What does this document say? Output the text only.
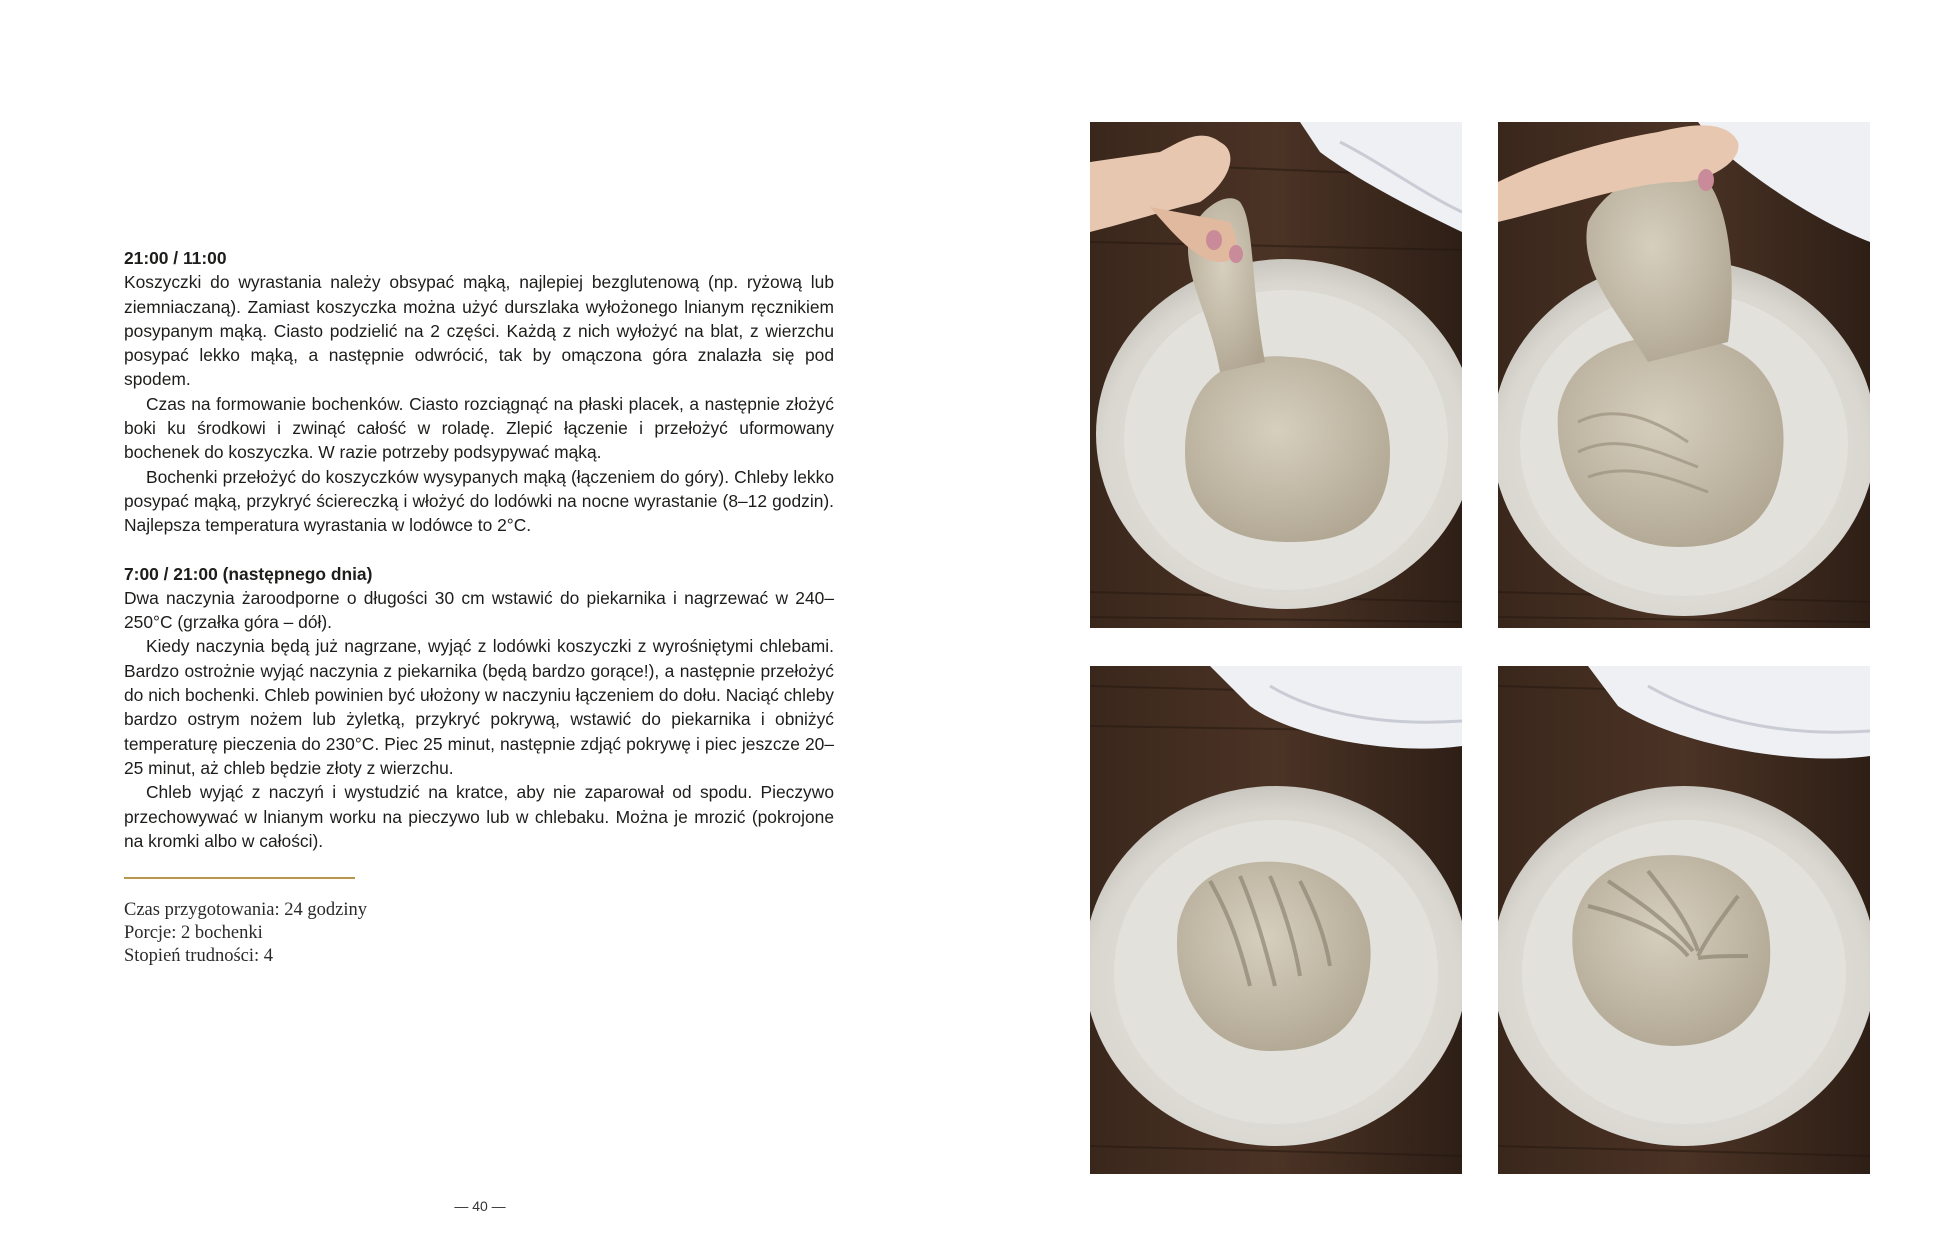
21:00 / 11:00

Koszyczki do wyrastania należy obsypać mąką, najlepiej bezglutenową (np. ryżową lub ziemniaczaną). Zamiast koszyczka można użyć durszlaka wyłożonego lnianym ręcznikiem posypanym mąką. Ciasto podzielić na 2 części. Każdą z nich wyłożyć na blat, z wierzchu posypać lekko mąką, a następnie odwrócić, tak by omączona góra znalazła się pod spodem.

Czas na formowanie bochenków. Ciasto rozciągnąć na płaski placek, a następnie złożyć boki ku środkowi i zwinąć całość w roladę. Zlepić łączenie i przełożyć uformowany bochenek do koszyczka. W razie potrzeby podsypywać mąką.

Bochenki przełożyć do koszyczków wysypanych mąką (łączeniem do góry). Chleby lekko posypać mąką, przykryć ściereczką i włożyć do lodówki na nocne wyrastanie (8–12 godzin). Najlepsza temperatura wyrastania w lodówce to 2°C.

7:00 / 21:00 (następnego dnia)

Dwa naczynia żaroodporne o długości 30 cm wstawić do piekarnika i nagrzewać w 240–250°C (grzałka góra – dół).

Kiedy naczynia będą już nagrzane, wyjąć z lodówki koszyczki z wyrośniętymi chlebami. Bardzo ostrożnie wyjąć naczynia z piekarnika (będą bardzo gorące!), a następnie przełożyć do nich bochenki. Chleb powinien być ułożony w naczyniu łączeniem do dołu. Naciąć chleby bardzo ostrym nożem lub żyletką, przykryć pokrywą, wstawić do piekarnika i obniżyć temperaturę pieczenia do 230°C. Piec 25 minut, następnie zdjąć pokrywę i piec jeszcze 20–25 minut, aż chleb będzie złoty z wierzchu.

Chleb wyjąć z naczyń i wystudzić na kratce, aby nie zaparował od spodu. Pieczywo przechowywać w lnianym worku na pieczywo lub w chlebaku. Można je mrozić (pokrojone na kromki albo w całości).

Czas przygotowania: 24 godziny
Porcje: 2 bochenki
Stopień trudności: 4
— 40 —
